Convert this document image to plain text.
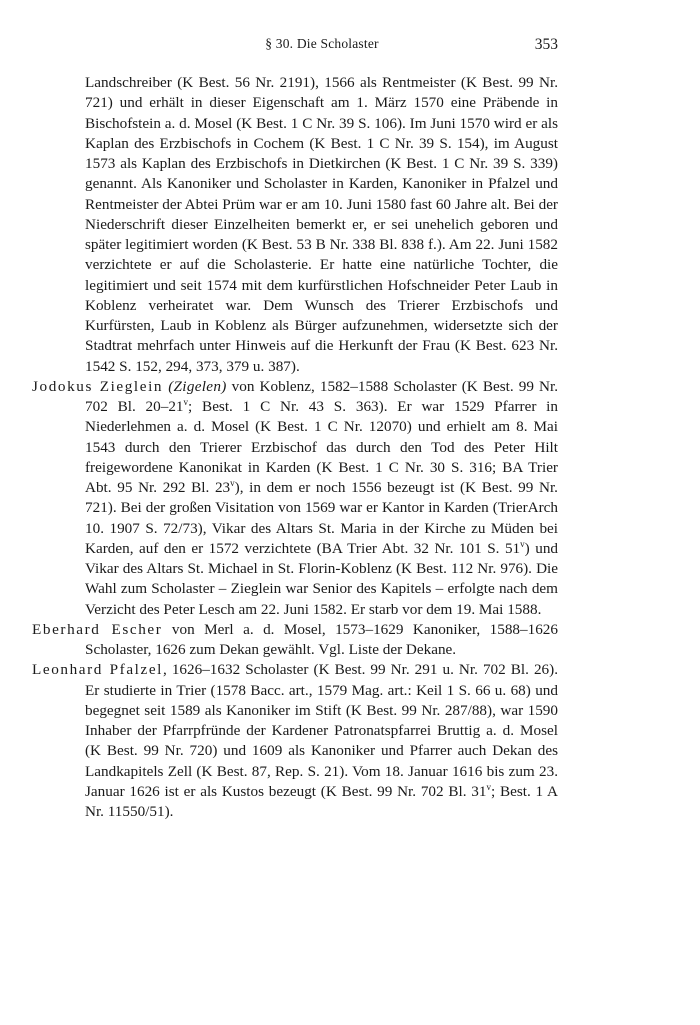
§ 30. Die Scholaster	353

Landschreiber (K Best. 56 Nr. 2191), 1566 als Rentmeister (K Best. 99 Nr. 721) und erhält in dieser Eigenschaft am 1. März 1570 eine Präbende in Bischofstein a. d. Mosel (K Best. 1 C Nr. 39 S. 106). Im Juni 1570 wird er als Kaplan des Erzbischofs in Cochem (K Best. 1 C Nr. 39 S. 154), im August 1573 als Kaplan des Erzbischofs in Dietkirchen (K Best. 1 C Nr. 39 S. 339) genannt. Als Kanoniker und Scholaster in Karden, Kanoniker in Pfalzel und Rentmeister der Abtei Prüm war er am 10. Juni 1580 fast 60 Jahre alt. Bei der Niederschrift dieser Einzelheiten bemerkt er, er sei unehelich geboren und später legitimiert worden (K Best. 53 B Nr. 338 Bl. 838 f.). Am 22. Juni 1582 verzichtete er auf die Scholasterie. Er hatte eine natürliche Tochter, die legitimiert und seit 1574 mit dem kurfürstlichen Hofschneider Peter Laub in Koblenz verheiratet war. Dem Wunsch des Trierer Erzbischofs und Kurfürsten, Laub in Koblenz als Bürger aufzunehmen, widersetzte sich der Stadtrat mehrfach unter Hinweis auf die Herkunft der Frau (K Best. 623 Nr. 1542 S. 152, 294, 373, 379 u. 387).

Jodokus Zieglein (Zigelen) von Koblenz, 1582–1588 Scholaster (K Best. 99 Nr. 702 Bl. 20–21$^v$; Best. 1 C Nr. 43 S. 363). Er war 1529 Pfarrer in Niederlehmen a. d. Mosel (K Best. 1 C Nr. 12070) und erhielt am 8. Mai 1543 durch den Trierer Erzbischof das durch den Tod des Peter Hilt freigewordene Kanonikat in Karden (K Best. 1 C Nr. 30 S. 316; BA Trier Abt. 95 Nr. 292 Bl. 23$^v$), in dem er noch 1556 bezeugt ist (K Best. 99 Nr. 721). Bei der großen Visitation von 1569 war er Kantor in Karden (TrierArch 10. 1907 S. 72/73), Vikar des Altars St. Maria in der Kirche zu Müden bei Karden, auf den er 1572 verzichtete (BA Trier Abt. 32 Nr. 101 S. 51$^v$) und Vikar des Altars St. Michael in St. Florin-Koblenz (K Best. 112 Nr. 976). Die Wahl zum Scholaster – Zieglein war Senior des Kapitels – erfolgte nach dem Verzicht des Peter Lesch am 22. Juni 1582. Er starb vor dem 19. Mai 1588.

Eberhard Escher von Merl a. d. Mosel, 1573–1629 Kanoniker, 1588–1626 Scholaster, 1626 zum Dekan gewählt. Vgl. Liste der Dekane.

Leonhard Pfalzel, 1626–1632 Scholaster (K Best. 99 Nr. 291 u. Nr. 702 Bl. 26). Er studierte in Trier (1578 Bacc. art., 1579 Mag. art.: Keil 1 S. 66 u. 68) und begegnet seit 1589 als Kanoniker im Stift (K Best. 99 Nr. 287/88), war 1590 Inhaber der Pfarrpfründe der Kardener Patronatspfarrei Bruttig a. d. Mosel (K Best. 99 Nr. 720) und 1609 als Kanoniker und Pfarrer auch Dekan des Landkapitels Zell (K Best. 87, Rep. S. 21). Vom 18. Januar 1616 bis zum 23. Januar 1626 ist er als Kustos bezeugt (K Best. 99 Nr. 702 Bl. 31$^v$; Best. 1 A Nr. 11550/51).
